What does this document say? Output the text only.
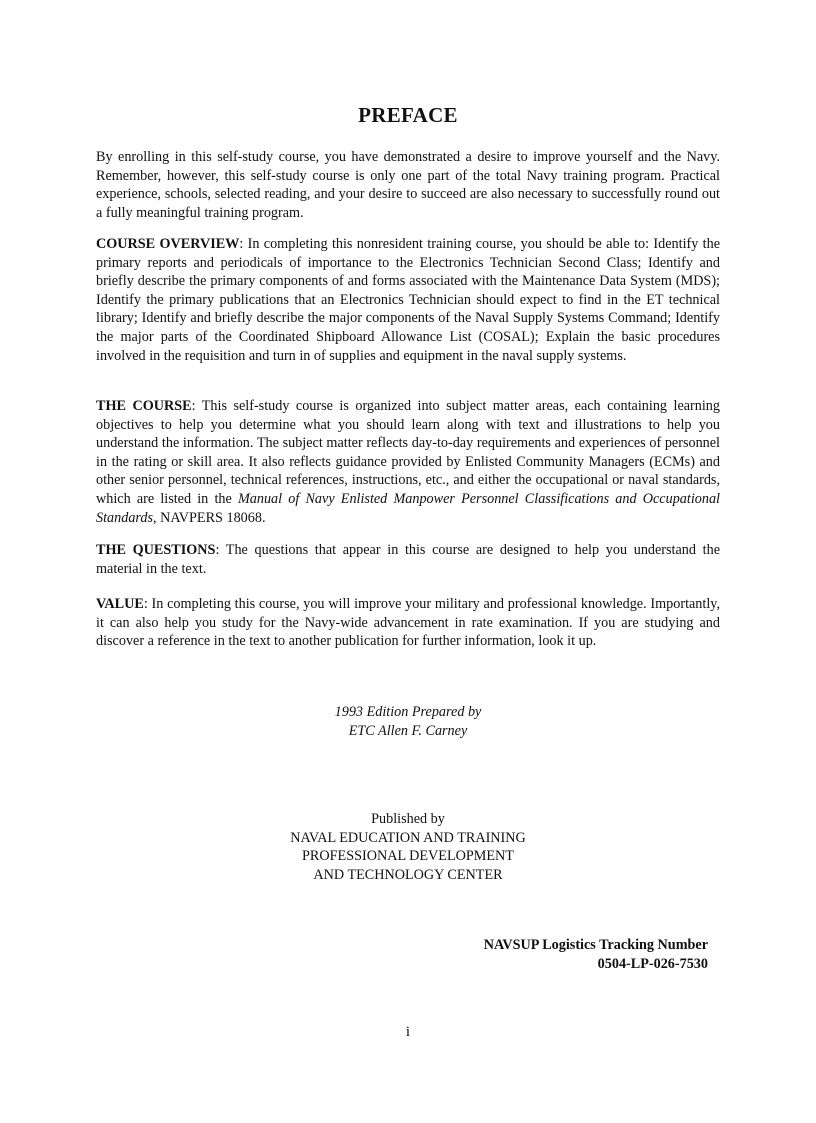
PREFACE

By enrolling in this self-study course, you have demonstrated a desire to improve yourself and the Navy. Remember, however, this self-study course is only one part of the total Navy training program. Practical experience, schools, selected reading, and your desire to succeed are also necessary to successfully round out a fully meaningful training program.

COURSE OVERVIEW: In completing this nonresident training course, you should be able to: Identify the primary reports and periodicals of importance to the Electronics Technician Second Class; Identify and briefly describe the primary components of and forms associated with the Maintenance Data System (MDS); Identify the primary publications that an Electronics Technician should expect to find in the ET technical library; Identify and briefly describe the major components of the Naval Supply Systems Command; Identify the major parts of the Coordinated Shipboard Allowance List (COSAL); Explain the basic procedures involved in the requisition and turn in of supplies and equipment in the naval supply systems.

THE COURSE: This self-study course is organized into subject matter areas, each containing learning objectives to help you determine what you should learn along with text and illustrations to help you understand the information. The subject matter reflects day-to-day requirements and experiences of personnel in the rating or skill area. It also reflects guidance provided by Enlisted Community Managers (ECMs) and other senior personnel, technical references, instructions, etc., and either the occupational or naval standards, which are listed in the Manual of Navy Enlisted Manpower Personnel Classifications and Occupational Standards, NAVPERS 18068.

THE QUESTIONS: The questions that appear in this course are designed to help you understand the material in the text.

VALUE: In completing this course, you will improve your military and professional knowledge. Importantly, it can also help you study for the Navy-wide advancement in rate examination. If you are studying and discover a reference in the text to another publication for further information, look it up.

1993 Edition Prepared by
ETC Allen F. Carney
Published by
NAVAL EDUCATION AND TRAINING
PROFESSIONAL DEVELOPMENT
AND TECHNOLOGY CENTER
NAVSUP Logistics Tracking Number
0504-LP-026-7530
i
